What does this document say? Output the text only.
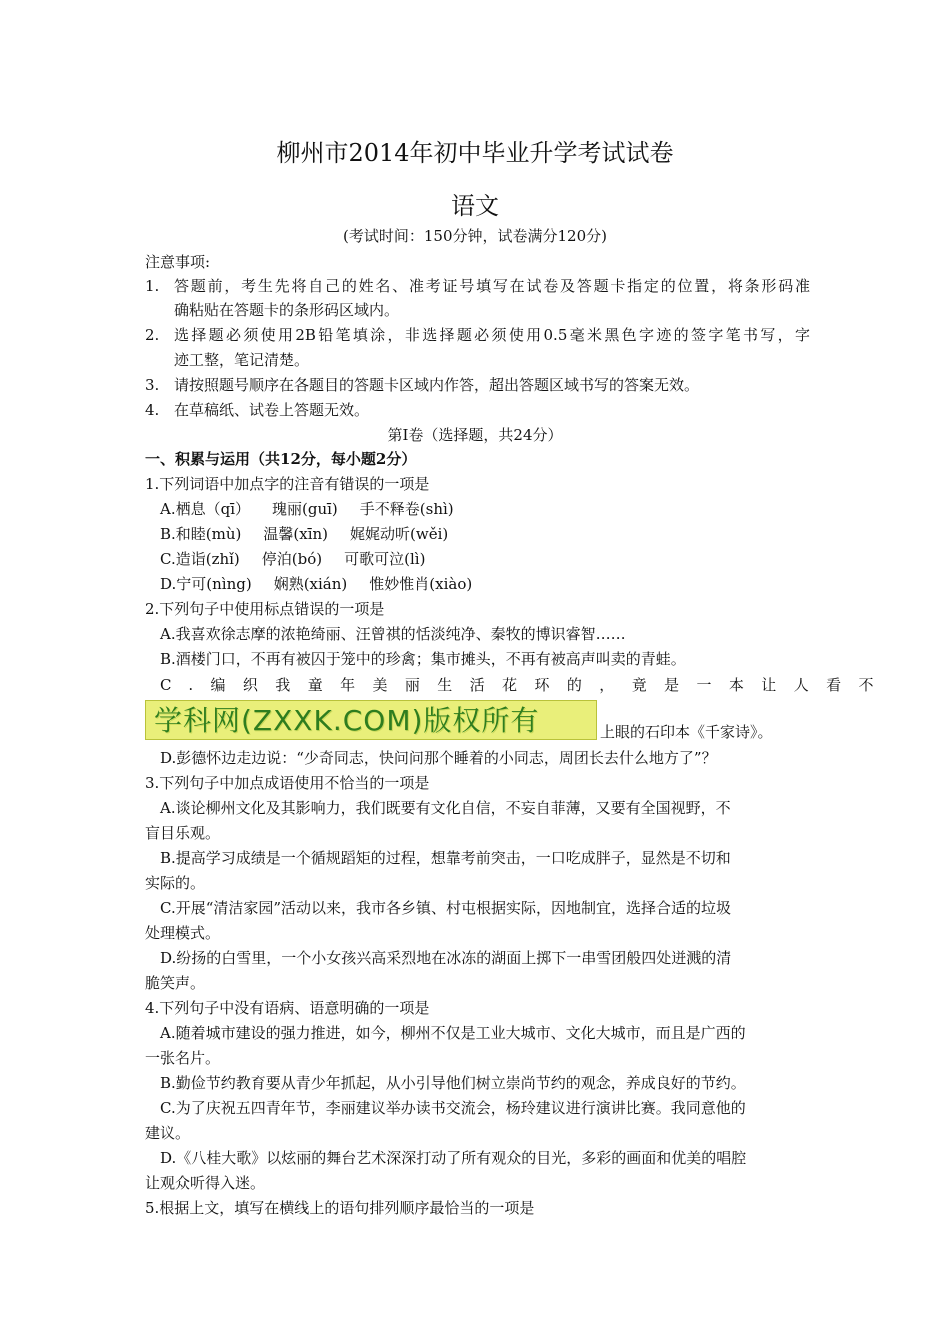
柳州市2014年初中毕业升学考试试卷
语文
(考试时间：150分钟，试卷满分120分)
注意事项:
1. 答题前，考生先将自己的姓名、准考证号填写在试卷及答题卡指定的位置，将条形码准
确粘贴在答题卡的条形码区域内。
2. 选择题必须使用2B铅笔填涂，非选择题必须使用0.5毫米黑色字迹的签字笔书写，字
迹工整，笔记清楚。
3. 请按照题号顺序在各题目的答题卡区域内作答，超出答题区域书写的答案无效。
4. 在草稿纸、试卷上答题无效。
第Ⅰ卷（选择题，共24分）
一、积累与运用（共12分，每小题2分）
1.下列词语中加点字的注音有错误的一项是
A.栖息（qī） 瑰丽(guī) 手不释卷(shì)
B.和睦(mù) 温馨(xīn) 娓娓动听(wěi)
C.造诣(zhǐ) 停泊(bó) 可歌可泣(lì)
D.宁可(nìng) 娴熟(xián) 惟妙惟肖(xiào)
2.下列句子中使用标点错误的一项是
A.我喜欢徐志摩的浓艳绮丽、汪曾祺的恬淡纯净、秦牧的博识睿智……
B.酒楼门口，不再有被囚于笼中的珍禽；集市摊头，不再有被高声叫卖的青蛙。
C.编织我童年美丽生活花环的，竟是一本让人看不
学科网(ZXXK.COM)版权所有	上眼的石印本《千家诗》。
D.彭德怀边走边说：“少奇同志，快问问那个睡着的小同志，周团长去什么地方了”？
3.下列句子中加点成语使用不恰当的一项是
A.谈论柳州文化及其影响力，我们既要有文化自信，不妄自菲薄，又要有全国视野，不
盲目乐观。
B.提高学习成绩是一个循规蹈矩的过程，想靠考前突击，一口吃成胖子，显然是不切和
实际的。
C.开展“清洁家园”活动以来，我市各乡镇、村屯根据实际，因地制宜，选择合适的垃圾
处理模式。
D.纷扬的白雪里，一个小女孩兴高采烈地在冰冻的湖面上掷下一串雪团般四处迸溅的清
脆笑声。
4.下列句子中没有语病、语意明确的一项是
A.随着城市建设的强力推进，如今，柳州不仅是工业大城市、文化大城市，而且是广西的
一张名片。
B.勤俭节约教育要从青少年抓起，从小引导他们树立崇尚节约的观念，养成良好的节约。
C.为了庆祝五四青年节，李丽建议举办读书交流会，杨玲建议进行演讲比赛。我同意他的
建议。
D.《八桂大歌》以炫丽的舞台艺术深深打动了所有观众的目光，多彩的画面和优美的唱腔
让观众听得入迷。
5.根据上文，填写在横线上的语句排列顺序最恰当的一项是
